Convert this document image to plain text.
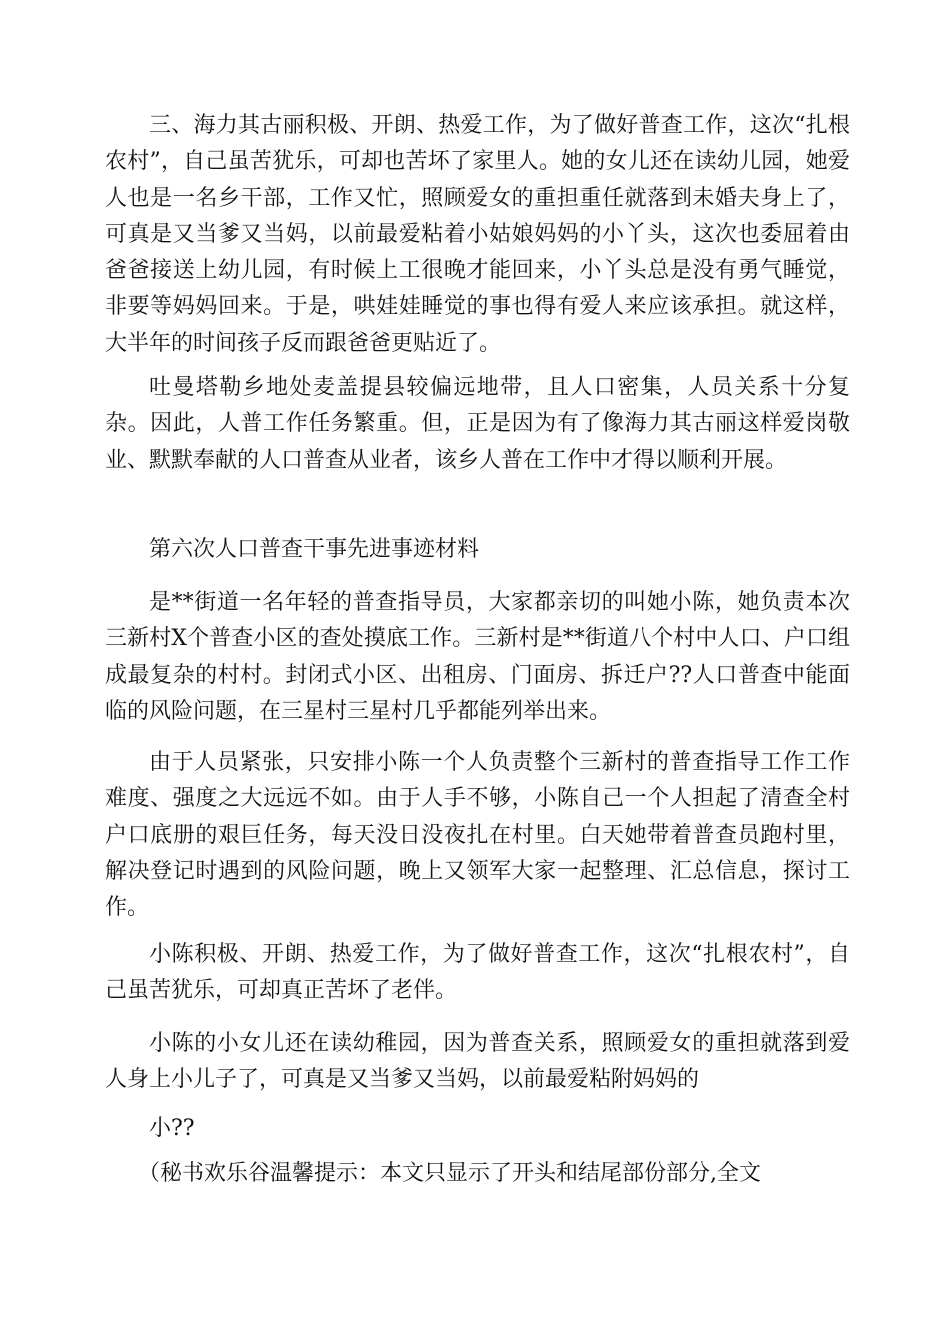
三、海力其古丽积极、开朗、热爱工作，为了做好普查工作，这次“扎根农村”，自己虽苦犹乐，可却也苦坏了家里人。她的女儿还在读幼儿园，她爱人也是一名乡干部，工作又忙，照顾爱女的重担重任就落到未婚夫身上了，可真是又当爹又当妈，以前最爱粘着小姑娘妈妈的小丫头，这次也委屈着由爸爸接送上幼儿园，有时候上工很晚才能回来，小丫头总是没有勇气睡觉，非要等妈妈回来。于是，哄娃娃睡觉的事也得有爱人来应该承担。就这样，大半年的时间孩子反而跟爸爸更贴近了。

吐曼塔勒乡地处麦盖提县较偏远地带，且人口密集，人员关系十分复杂。因此，人普工作任务繁重。但，正是因为有了像海力其古丽这样爱岗敬业、默默奉献的人口普查从业者，该乡人普在工作中才得以顺利开展。

第六次人口普查干事先进事迹材料

是**街道一名年轻的普查指导员，大家都亲切的叫她小陈，她负责本次三新村X个普查小区的查处摸底工作。三新村是**街道八个村中人口、户口组成最复杂的村村。封闭式小区、出租房、门面房、拆迁户??人口普查中能面临的风险问题，在三星村三星村几乎都能列举出来。

由于人员紧张，只安排小陈一个人负责整个三新村的普查指导工作工作难度、强度之大远远不如。由于人手不够，小陈自己一个人担起了清查全村户口底册的艰巨任务，每天没日没夜扎在村里。白天她带着普查员跑村里，解决登记时遇到的风险问题，晚上又领军大家一起整理、汇总信息，探讨工作。

小陈积极、开朗、热爱工作，为了做好普查工作，这次“扎根农村”，自己虽苦犹乐，可却真正苦坏了老伴。

小陈的小女儿还在读幼稚园，因为普查关系，照顾爱女的重担就落到爱人身上小儿子了，可真是又当爹又当妈，以前最爱粘附妈妈的

小??

（秘书欢乐谷温馨提示：本文只显示了开头和结尾部份部分,全文
